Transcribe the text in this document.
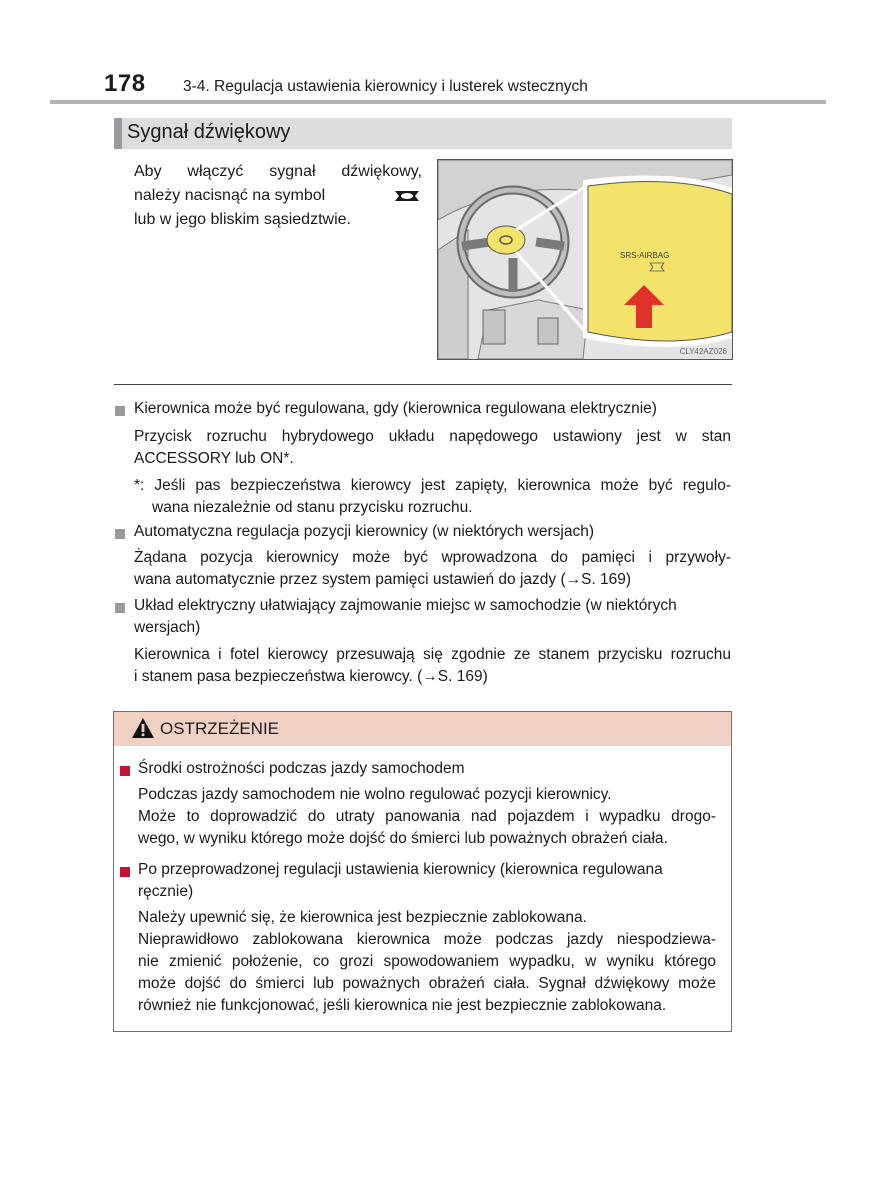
178 3-4. Regulacja ustawienia kierownicy i lusterek wstecznych
Sygnał dźwiękowy
Aby włączyć sygnał dźwiękowy,
należy nacisnąć na symbol
lub w jego bliskim sąsiedztwie.
SRS-AIRBAG
CLY42AZ026
Kierownica może być regulowana, gdy (kierownica regulowana elektrycznie)
Przycisk rozruchu hybrydowego układu napędowego ustawiony jest w stan
ACCESSORY lub ON*.
*: Jeśli pas bezpieczeństwa kierowcy jest zapięty, kierownica może być regulo-
wana niezależnie od stanu przycisku rozruchu.
Automatyczna regulacja pozycji kierownicy (w niektórych wersjach)
Żądana pozycja kierownicy może być wprowadzona do pamięci i przywoły-
wana automatycznie przez system pamięci ustawień do jazdy (→S. 169)
Układ elektryczny ułatwiający zajmowanie miejsc w samochodzie (w niektórych
wersjach)
Kierownica i fotel kierowcy przesuwają się zgodnie ze stanem przycisku rozruchu
i stanem pasa bezpieczeństwa kierowcy. (→S. 169)
OSTRZEŻENIE
Środki ostrożności podczas jazdy samochodem
Podczas jazdy samochodem nie wolno regulować pozycji kierownicy.
Może to doprowadzić do utraty panowania nad pojazdem i wypadku drogo-
wego, w wyniku którego może dojść do śmierci lub poważnych obrażeń ciała.
Po przeprowadzonej regulacji ustawienia kierownicy (kierownica regulowana
ręcznie)
Należy upewnić się, że kierownica jest bezpiecznie zablokowana.
Nieprawidłowo zablokowana kierownica może podczas jazdy niespodziewa-
nie zmienić położenie, co grozi spowodowaniem wypadku, w wyniku którego
może dojść do śmierci lub poważnych obrażeń ciała. Sygnał dźwiękowy może
również nie funkcjonować, jeśli kierownica nie jest bezpiecznie zablokowana.
